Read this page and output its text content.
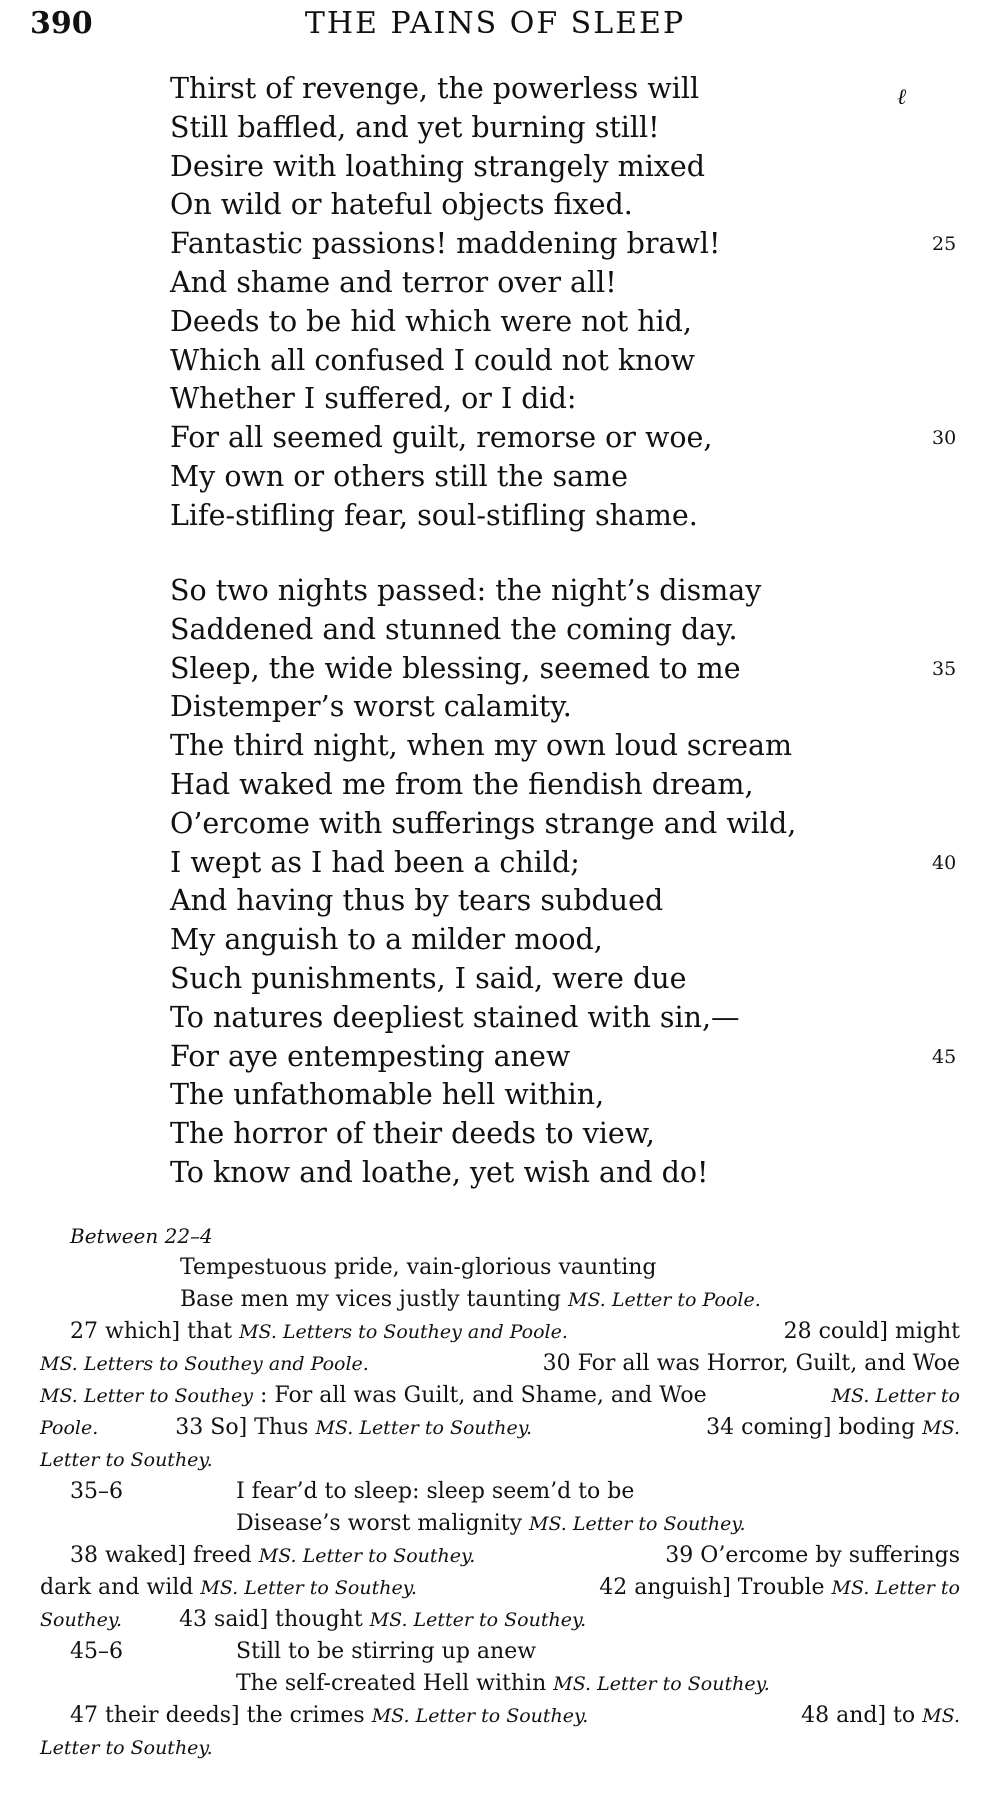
390	THE PAINS OF SLEEP
ℓ
Thirst of revenge, the powerless will
Still baffled, and yet burning still!
Desire with loathing strangely mixed
On wild or hateful objects fixed.
Fantastic passions! maddening brawl!	25
And shame and terror over all!
Deeds to be hid which were not hid,
Which all confused I could not know
Whether I suffered, or I did:
For all seemed guilt, remorse or woe,	30
My own or others still the same
Life-stifling fear, soul-stifling shame.
So two nights passed: the night’s dismay
Saddened and stunned the coming day.
Sleep, the wide blessing, seemed to me	35
Distemper’s worst calamity.
The third night, when my own loud scream
Had waked me from the fiendish dream,
O’ercome with sufferings strange and wild,
I wept as I had been a child;	40
And having thus by tears subdued
My anguish to a milder mood,
Such punishments, I said, were due
To natures deepliest stained with sin,—
For aye entempesting anew	45
The unfathomable hell within,
The horror of their deeds to view,
To know and loathe, yet wish and do!
Between 22–4
Tempestuous pride, vain-glorious vaunting
Base men my vices justly taunting MS. Letter to Poole.
27 which] that MS. Letters to Southey and Poole.	28 could] might
MS. Letters to Southey and Poole.	30 For all was Horror, Guilt, and Woe
MS. Letter to Southey : For all was Guilt, and Shame, and Woe	MS. Letter to
Poole.	33 So] Thus MS. Letter to Southey.	34 coming] boding MS.
Letter to Southey.
35–6	I fear’d to sleep: sleep seem’d to be
Disease’s worst malignity MS. Letter to Southey.
38 waked] freed MS. Letter to Southey.	39 O’ercome by sufferings
dark and wild MS. Letter to Southey.	42 anguish] Trouble MS. Letter to
Southey.	43 said] thought MS. Letter to Southey.
45–6	Still to be stirring up anew
The self-created Hell within MS. Letter to Southey.
47 their deeds] the crimes MS. Letter to Southey.	48 and] to MS.
Letter to Southey.
